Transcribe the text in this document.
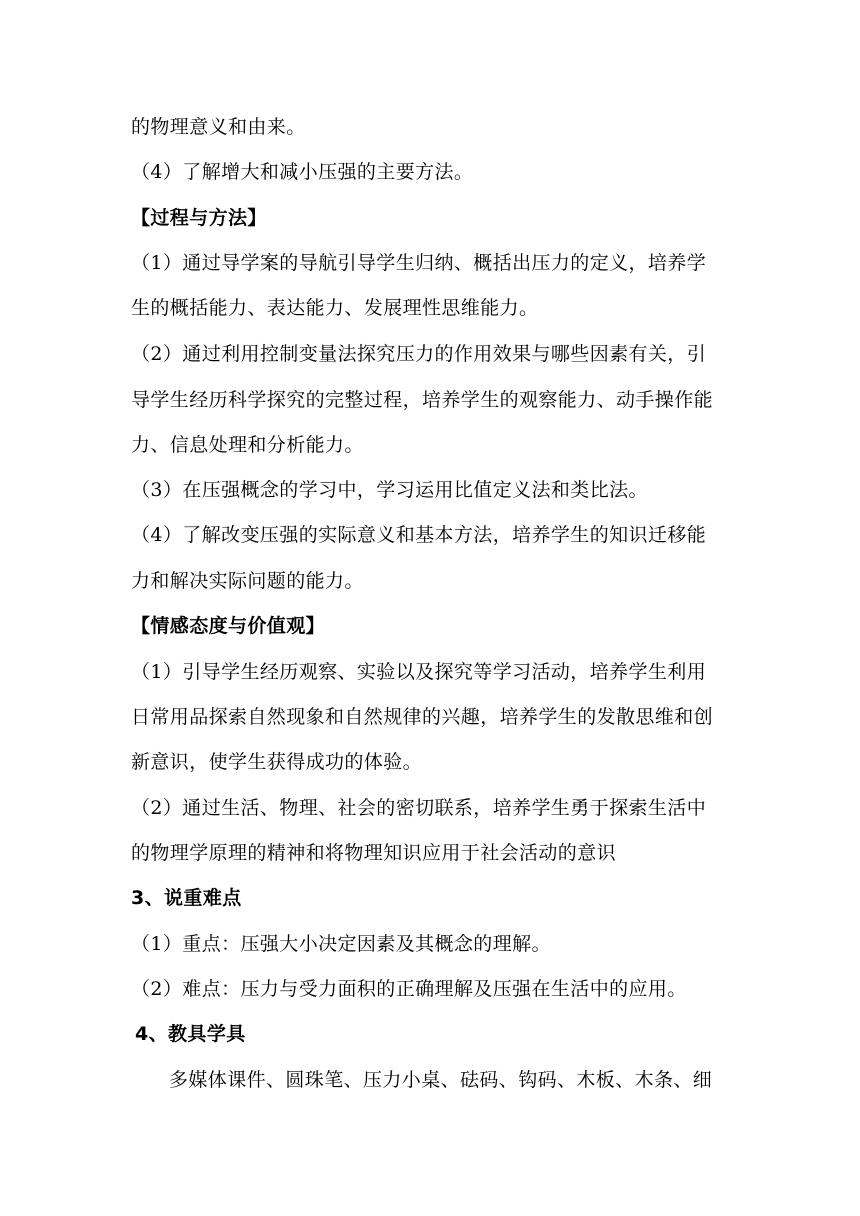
的物理意义和由来。
（4）了解增大和减小压强的主要方法。
【过程与方法】
（1）通过导学案的导航引导学生归纳、概括出压力的定义，培养学
生的概括能力、表达能力、发展理性思维能力。
（2）通过利用控制变量法探究压力的作用效果与哪些因素有关，引
导学生经历科学探究的完整过程，培养学生的观察能力、动手操作能
力、信息处理和分析能力。
（3）在压强概念的学习中，学习运用比值定义法和类比法。
（4）了解改变压强的实际意义和基本方法，培养学生的知识迁移能
力和解决实际问题的能力。
【情感态度与价值观】
（1）引导学生经历观察、实验以及探究等学习活动，培养学生利用
日常用品探索自然现象和自然规律的兴趣，培养学生的发散思维和创
新意识，使学生获得成功的体验。
（2）通过生活、物理、社会的密切联系，培养学生勇于探索生活中
的物理学原理的精神和将物理知识应用于社会活动的意识
3、说重难点
（1）重点：压强大小决定因素及其概念的理解。
（2）难点：压力与受力面积的正确理解及压强在生活中的应用。
4、教具学具
多媒体课件、圆珠笔、压力小桌、砝码、钩码、木板、木条、细
